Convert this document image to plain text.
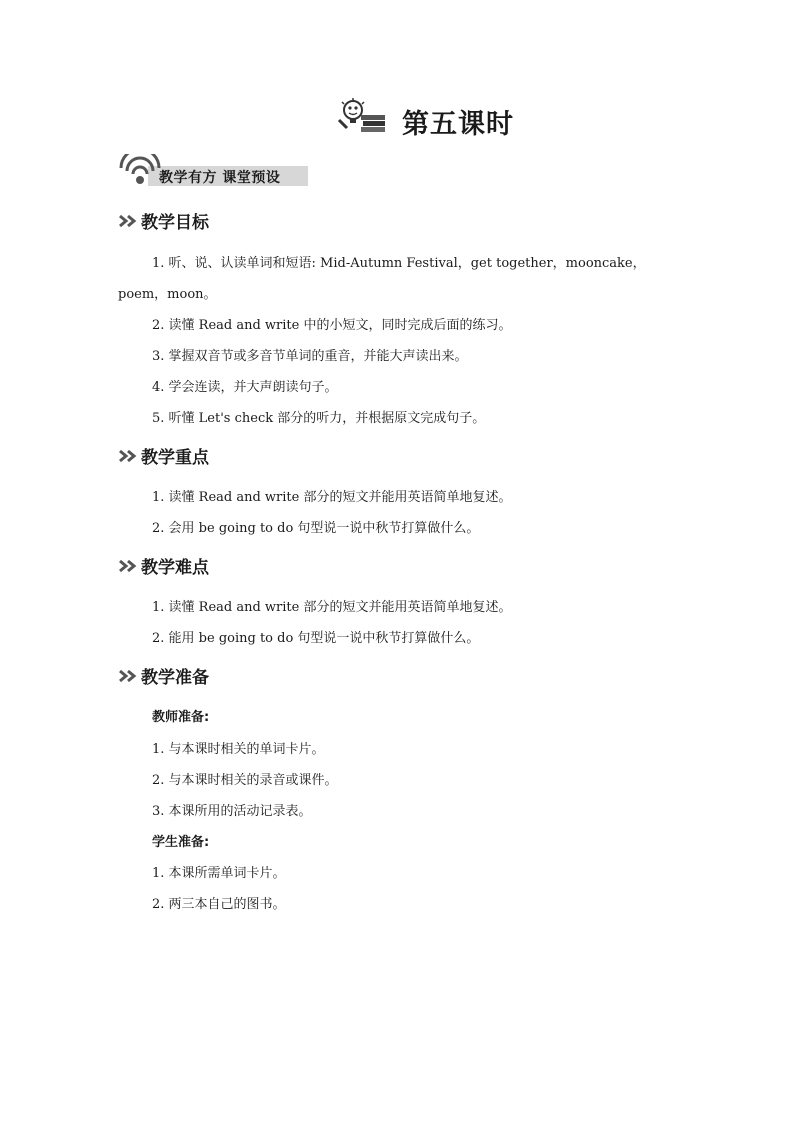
第五课时
教学有方 课堂预设
教学目标
1. 听、说、认读单词和短语: Mid-Autumn Festival，get together，mooncake，
poem，moon。
2. 读懂 Read and write 中的小短文，同时完成后面的练习。
3. 掌握双音节或多音节单词的重音，并能大声读出来。
4. 学会连读，并大声朗读句子。
5. 听懂 Let's check 部分的听力，并根据原文完成句子。
教学重点
1. 读懂 Read and write 部分的短文并能用英语简单地复述。
2. 会用 be going to do 句型说一说中秋节打算做什么。
教学难点
1. 读懂 Read and write 部分的短文并能用英语简单地复述。
2. 能用 be going to do 句型说一说中秋节打算做什么。
教学准备
教师准备:
1. 与本课时相关的单词卡片。
2. 与本课时相关的录音或课件。
3. 本课所用的活动记录表。
学生准备:
1. 本课所需单词卡片。
2. 两三本自己的图书。
